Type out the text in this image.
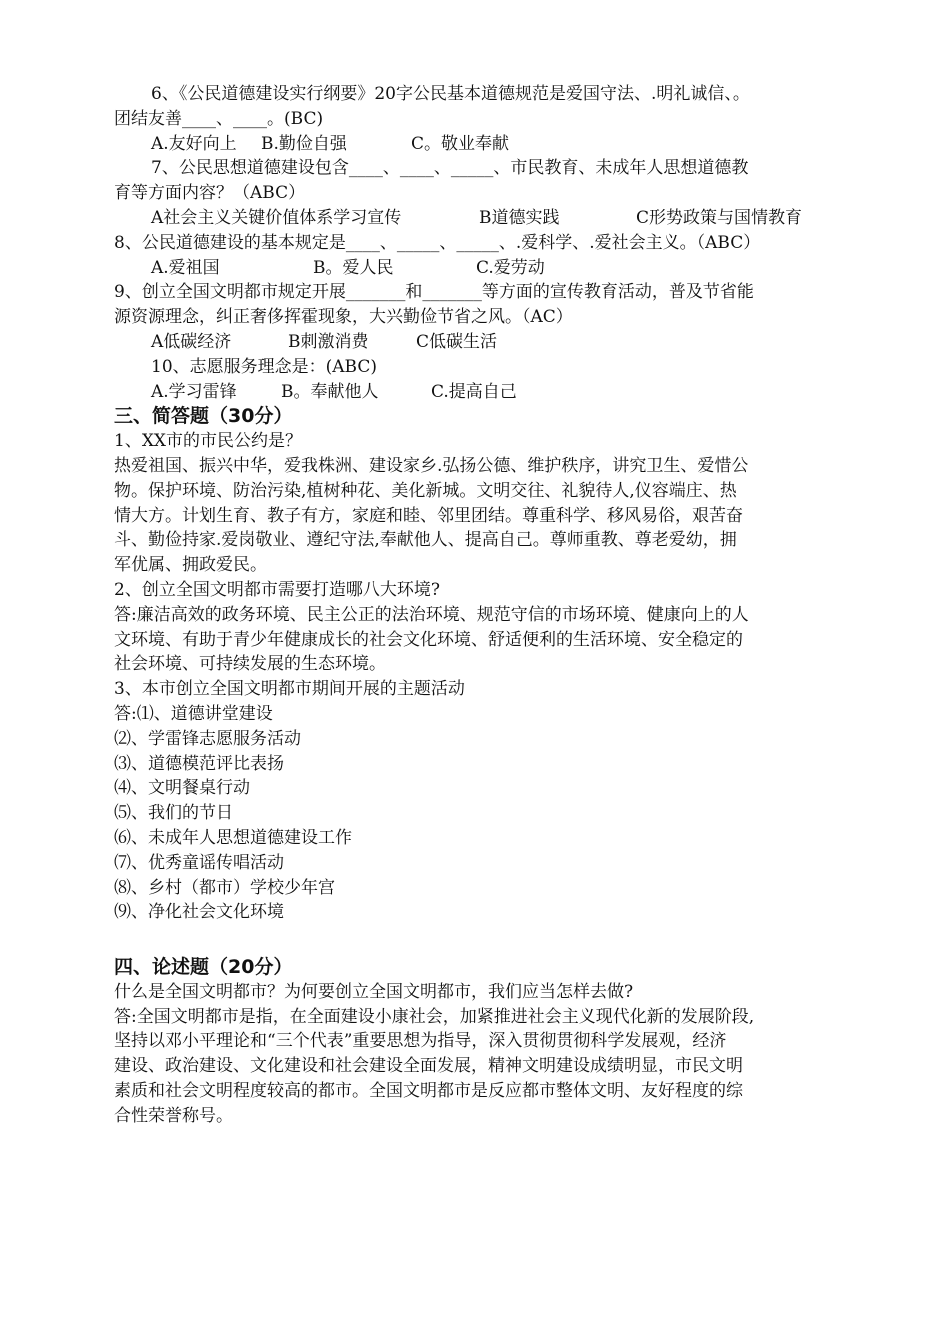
6、《公民道德建设实行纲要》20字公民基本道德规范是爱国守法、.明礼诚信、。
团结友善____、____。(BC)
A.友好向上	B.勤俭自强	C。敬业奉献
7、公民思想道德建设包含____、____、_____、市民教育、未成年人思想道德教
育等方面内容？（ABC）
A社会主义关键价值体系学习宣传	B道德实践	C形势政策与国情教育
8、公民道德建设的基本规定是____、_____、_____、.爱科学、.爱社会主义。（ABC）
A.爱祖国	B。爱人民	C.爱劳动
9、创立全国文明都市规定开展_______和_______等方面的宣传教育活动，普及节省能
源资源理念，纠正奢侈挥霍现象，大兴勤俭节省之风。（AC）
A低碳经济	B刺激消费	C低碳生活
10、志愿服务理念是：(ABC)
A.学习雷锋	B。奉献他人	C.提高自己
三、简答题（30分）
1、XX市的市民公约是？
热爱祖国、振兴中华，爱我株洲、建设家乡.弘扬公德、维护秩序，讲究卫生、爱惜公
物。保护环境、防治污染,植树种花、美化新城。文明交往、礼貌待人,仪容端庄、热
情大方。计划生育、教子有方，家庭和睦、邻里团结。尊重科学、移风易俗，艰苦奋
斗、勤俭持家.爱岗敬业、遵纪守法,奉献他人、提高自己。尊师重教、尊老爱幼，拥
军优属、拥政爱民。
2、创立全国文明都市需要打造哪八大环境?
答:廉洁高效的政务环境、民主公正的法治环境、规范守信的市场环境、健康向上的人
文环境、有助于青少年健康成长的社会文化环境、舒适便利的生活环境、安全稳定的
社会环境、可持续发展的生态环境。
3、本市创立全国文明都市期间开展的主题活动
答:⑴、道德讲堂建设
⑵、学雷锋志愿服务活动
⑶、道德模范评比表扬
⑷、文明餐桌行动
⑸、我们的节日
⑹、未成年人思想道德建设工作
⑺、优秀童谣传唱活动
⑻、乡村（都市）学校少年宫
⑼、净化社会文化环境
四、论述题（20分）
什么是全国文明都市？为何要创立全国文明都市，我们应当怎样去做?
答:全国文明都市是指，在全面建设小康社会，加紧推进社会主义现代化新的发展阶段,
坚持以邓小平理论和“三个代表”重要思想为指导，深入贯彻贯彻科学发展观，经济
建设、政治建设、文化建设和社会建设全面发展，精神文明建设成绩明显，市民文明
素质和社会文明程度较高的都市。全国文明都市是反应都市整体文明、友好程度的综
合性荣誉称号。
